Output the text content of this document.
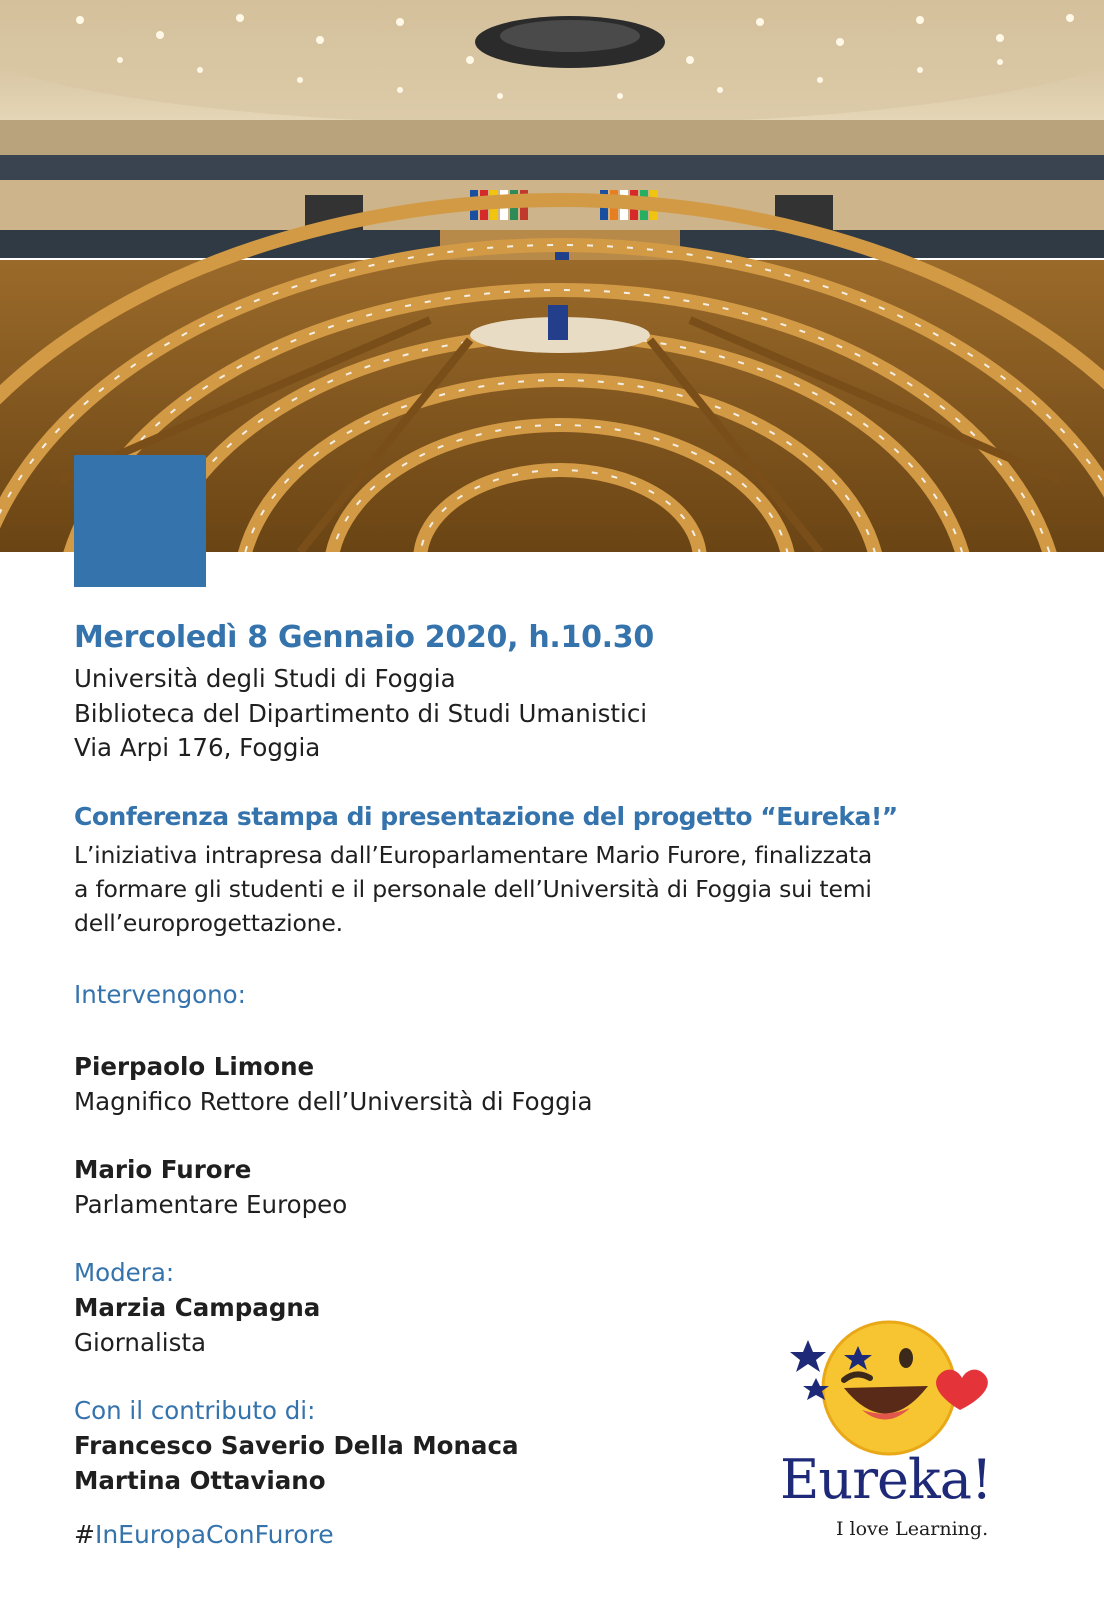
Mercoledì 8 Gennaio 2020, h.10.30
Università degli Studi di Foggia
Biblioteca del Dipartimento di Studi Umanistici
Via Arpi 176, Foggia
Conferenza stampa di presentazione del progetto “Eureka!”
L’iniziativa intrapresa dall’Europarlamentare Mario Furore, finalizzata
a formare gli studenti e il personale dell’Università di Foggia sui temi
dell’europrogettazione.
Intervengono:
Pierpaolo Limone
Magnifico Rettore dell’Università di Foggia
Mario Furore
Parlamentare Europeo
Modera:
Marzia Campagna
Giornalista
Con il contributo di:
Francesco Saverio Della Monaca
Martina Ottaviano
#InEuropaConFurore
Eureka!
I love Learning.
